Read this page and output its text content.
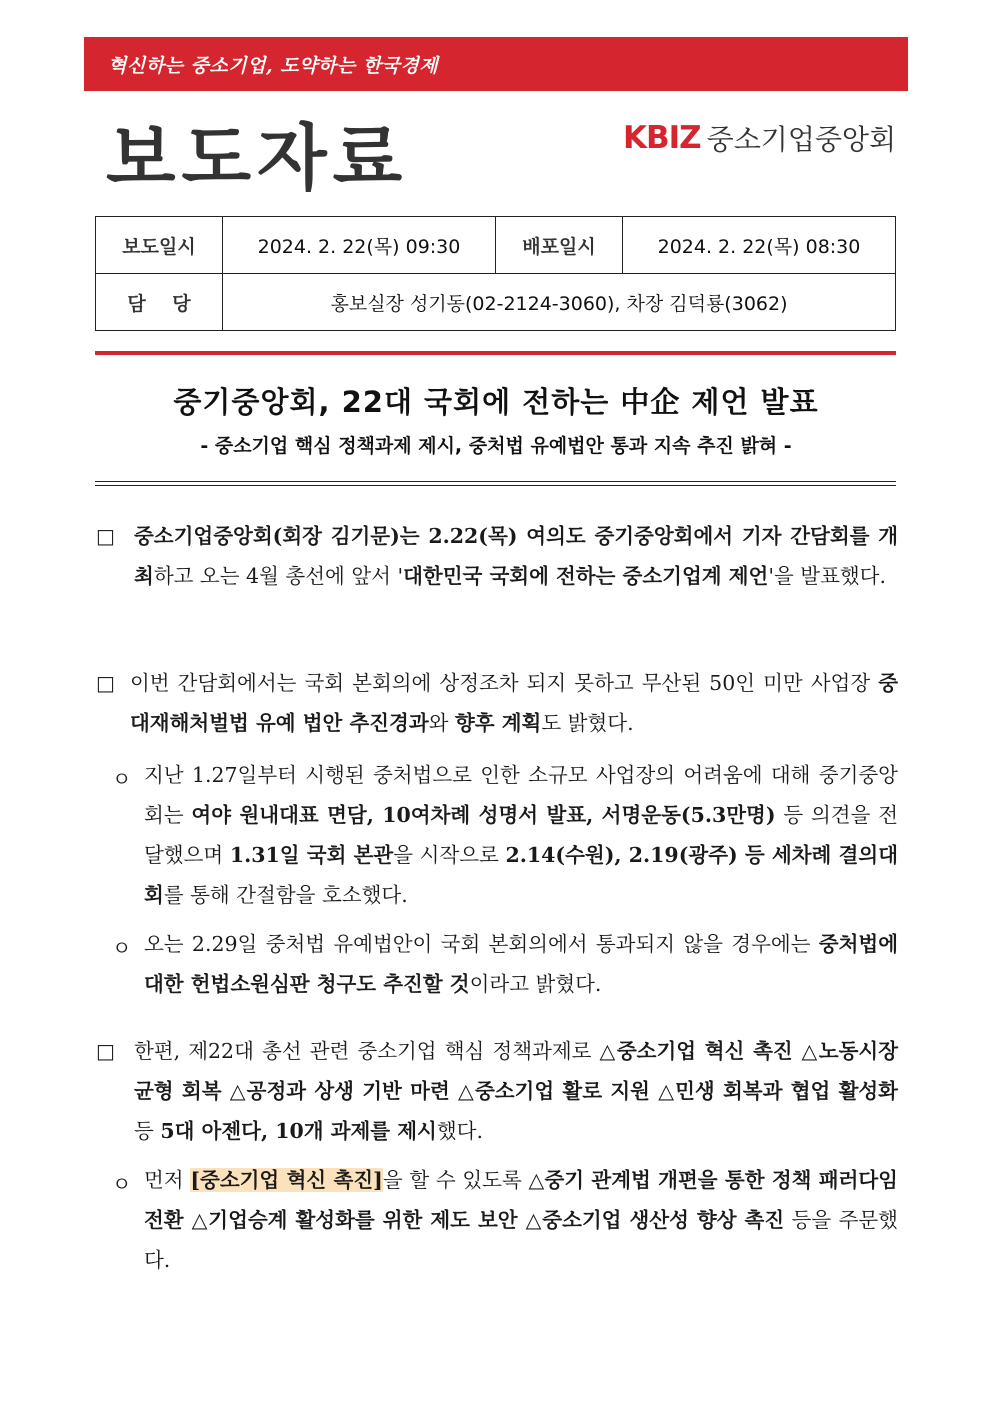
혁신하는 중소기업, 도약하는 한국경제
보도자료	KBIZ 중소기업중앙회
보도일시	2024. 2. 22(목) 09:30	배포일시	2024. 2. 22(목) 08:30
담    당	홍보실장 성기동(02-2124-3060), 차장 김덕룡(3062)		
중기중앙회, 22대 국회에 전하는 中企 제언 발표
- 중소기업 핵심 정책과제 제시, 중처법 유예법안 통과 지속 추진 밝혀 -
□ 중소기업중앙회(회장 김기문)는 2.22(목) 여의도 중기중앙회에서 기자 간담회를 개최하고 오는 4월 총선에 앞서 '대한민국 국회에 전하는 중소기업계 제언'을 발표했다.
□ 이번 간담회에서는 국회 본회의에 상정조차 되지 못하고 무산된 50인 미만 사업장 중대재해처벌법 유예 법안 추진경과와 향후 계획도 밝혔다.
ㅇ 지난 1.27일부터 시행된 중처법으로 인한 소규모 사업장의 어려움에 대해 중기중앙회는 여야 원내대표 면담, 10여차례 성명서 발표, 서명운동(5.3만명) 등 의견을 전달했으며 1.31일 국회 본관을 시작으로 2.14(수원), 2.19(광주) 등 세차례 결의대회를 통해 간절함을 호소했다.
ㅇ 오는 2.29일 중처법 유예법안이 국회 본회의에서 통과되지 않을 경우에는 중처법에 대한 헌법소원심판 청구도 추진할 것이라고 밝혔다.
□ 한편, 제22대 총선 관련 중소기업 핵심 정책과제로 △중소기업 혁신 촉진 △노동시장 균형 회복 △공정과 상생 기반 마련 △중소기업 활로 지원 △민생 회복과 협업 활성화 등 5대 아젠다, 10개 과제를 제시했다.
ㅇ 먼저 [중소기업 혁신 촉진]을 할 수 있도록 △중기 관계법 개편을 통한 정책 패러다임 전환 △기업승계 활성화를 위한 제도 보안 △중소기업 생산성 향상 촉진 등을 주문했다.
